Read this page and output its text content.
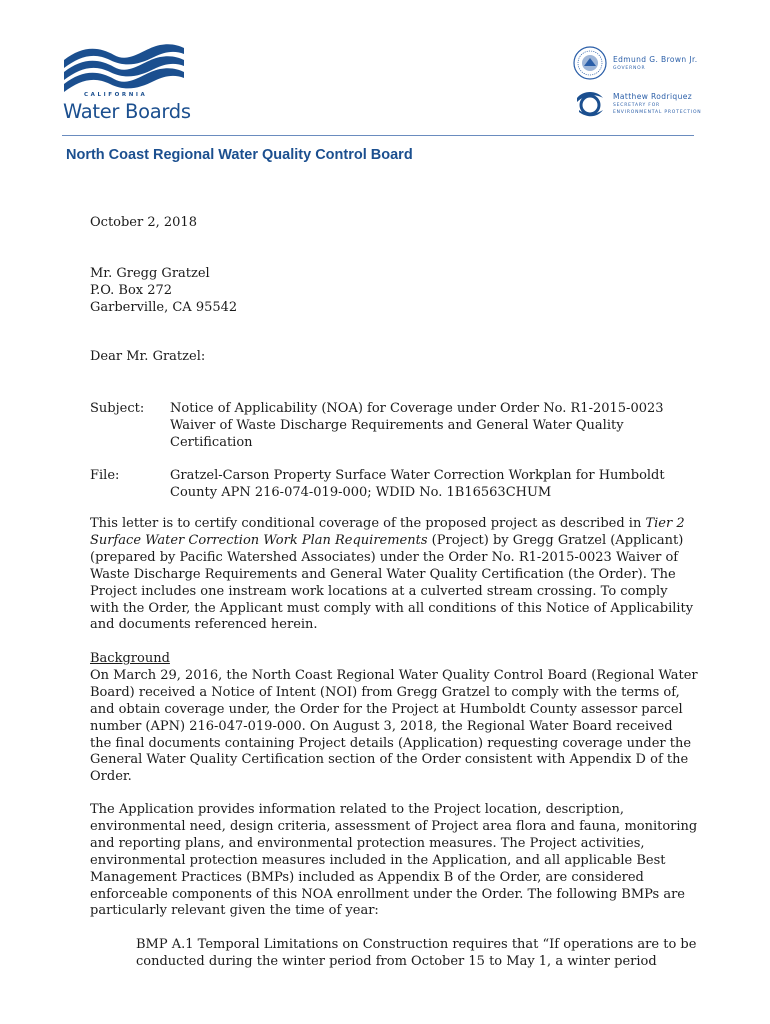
CALIFORNIA
Water Boards
Edmund G. Brown Jr.
GOVERNOR
Matthew Rodriquez
SECRETARY FOR
ENVIRONMENTAL PROTECTION
North Coast Regional Water Quality Control Board
October 2, 2018
Mr. Gregg Gratzel
P.O. Box 272
Garberville, CA 95542
Dear Mr. Gratzel:
Subject: Notice of Applicability (NOA) for Coverage under Order No. R1-2015-0023
Waiver of Waste Discharge Requirements and General Water Quality
Certification
File:	Gratzel-Carson Property Surface Water Correction Workplan for Humboldt
County APN 216-074-019-000; WDID No. 1B16563CHUM
This letter is to certify conditional coverage of the proposed project as described in Tier 2
Surface Water Correction Work Plan Requirements (Project) by Gregg Gratzel (Applicant)
(prepared by Pacific Watershed Associates) under the Order No. R1-2015-0023 Waiver of
Waste Discharge Requirements and General Water Quality Certification (the Order). The
Project includes one instream work locations at a culverted stream crossing. To comply
with the Order, the Applicant must comply with all conditions of this Notice of Applicability
and documents referenced herein.
Background
On March 29, 2016, the North Coast Regional Water Quality Control Board (Regional Water
Board) received a Notice of Intent (NOI) from Gregg Gratzel to comply with the terms of,
and obtain coverage under, the Order for the Project at Humboldt County assessor parcel
number (APN) 216-047-019-000. On August 3, 2018, the Regional Water Board received
the final documents containing Project details (Application) requesting coverage under the
General Water Quality Certification section of the Order consistent with Appendix D of the
Order.
The Application provides information related to the Project location, description,
environmental need, design criteria, assessment of Project area flora and fauna, monitoring
and reporting plans, and environmental protection measures. The Project activities,
environmental protection measures included in the Application, and all applicable Best
Management Practices (BMPs) included as Appendix B of the Order, are considered
enforceable components of this NOA enrollment under the Order. The following BMPs are
particularly relevant given the time of year:
BMP A.1 Temporal Limitations on Construction requires that “If operations are to be
conducted during the winter period from October 15 to May 1, a winter period
